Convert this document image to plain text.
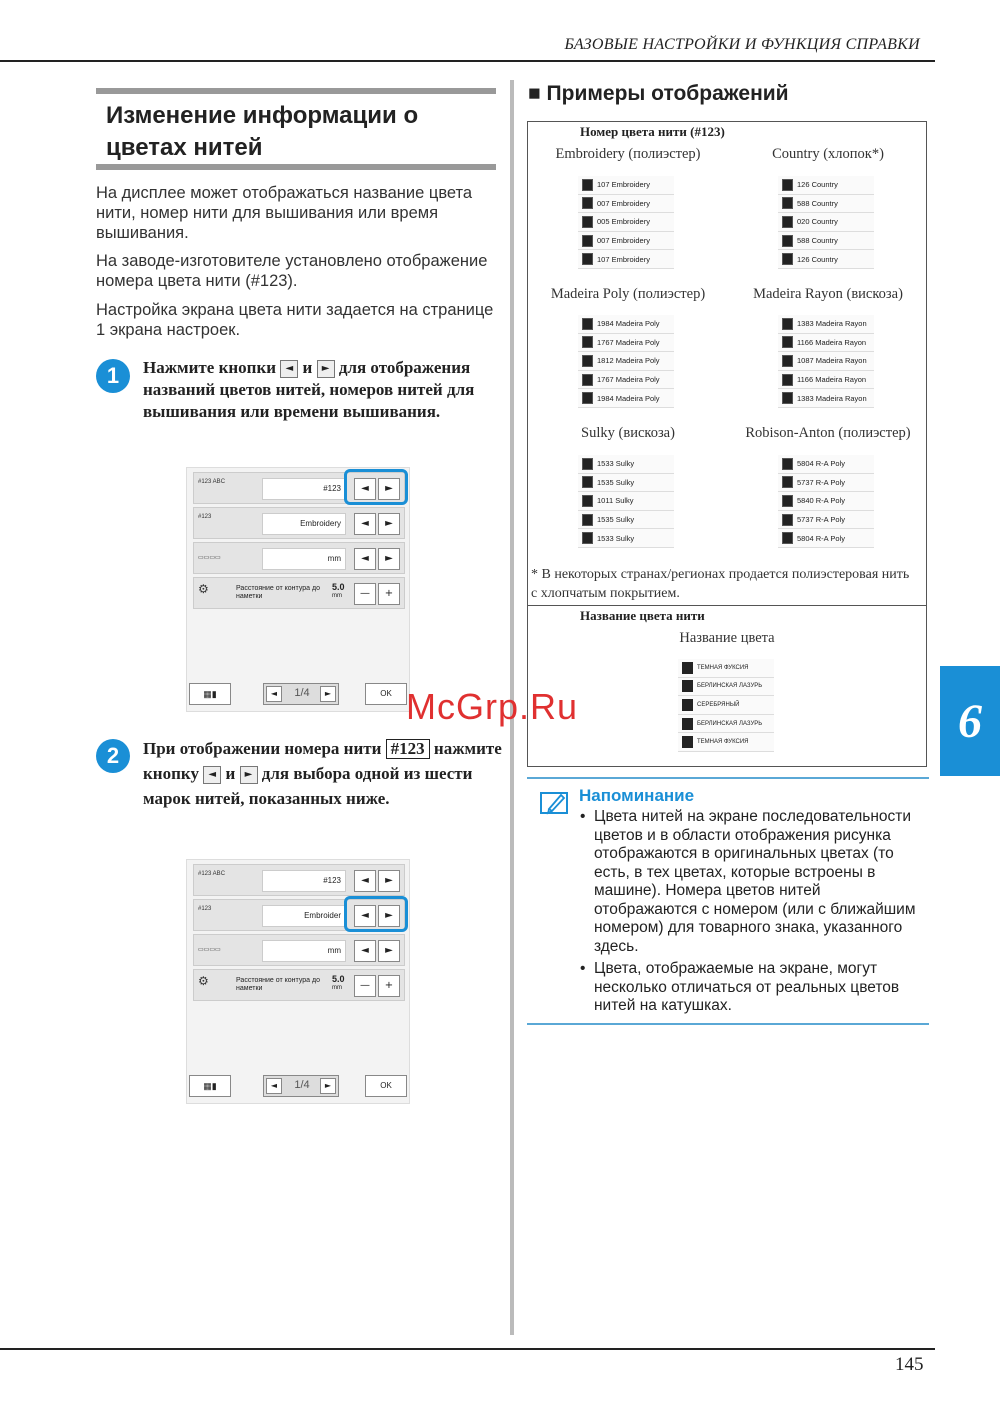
БАЗОВЫЕ НАСТРОЙКИ И ФУНКЦИЯ СПРАВКИ
Изменение информации о цветах нитей
На дисплее может отображаться название цвета нити, номер нити для вышивания или время вышивания.
На заводе-изготовителе установлено отображение номера цвета нити (#123).
Настройка экрана цвета нити задается на странице 1 экрана настроек.
1	Нажмите кнопки ◄ и ► для отображения названий цветов нитей, номеров нитей для вышивания или времени вышивания.
#123 ABC
#123	◄	►
#123
Embroidery	◄	►
▭▭▭▭	mm	◄	►
⚙	Расстояние от контура до наметки
5.0
mm	—	+
▦▮	◄	1/4	►	OK
2	При отображении номера нити #123 нажмите кнопку ◄ и ► для выбора одной из шести марок нитей, показанных ниже.
#123 ABC
#123	◄	►
#123
Embroider	◄	►
▭▭▭▭	mm	◄	►
⚙	Расстояние от контура до наметки
5.0
mm	—	+
▦▮	◄	1/4	►	OK
■ Примеры отображений
Номер цвета нити (#123)
Embroidery (полиэстер)	Country (хлопок*)
107 Embroidery
007 Embroidery
005 Embroidery
007 Embroidery
107 Embroidery
126 Country
588 Country
020 Country
588 Country
126 Country
Madeira Poly (полиэстер)	Madeira Rayon (вискоза)
1984 Madeira Poly
1767 Madeira Poly
1812 Madeira Poly
1767 Madeira Poly
1984 Madeira Poly
1383 Madeira Rayon
1166 Madeira Rayon
1087 Madeira Rayon
1166 Madeira Rayon
1383 Madeira Rayon
Sulky (вискоза)	Robison-Anton (полиэстер)
1533 Sulky
1535 Sulky
1011 Sulky
1535 Sulky
1533 Sulky
5804 R-A Poly
5737 R-A Poly
5840 R-A Poly
5737 R-A Poly
5804 R-A Poly
* В некоторых странах/регионах продается полиэстеровая нить с хлопчатым покрытием.
Название цвета нити
Название цвета
ТЕМНАЯ ФУКСИЯ
БЕРЛИНСКАЯ ЛАЗУРЬ
СЕРЕБРЯНЫЙ
БЕРЛИНСКАЯ ЛАЗУРЬ
ТЕМНАЯ ФУКСИЯ	6
McGrp.Ru
Напоминание
• Цвета нитей на экране последовательности цветов и в области отображения рисунка отображаются в оригинальных цветах (то есть, в тех цветах, которые встроены в машине). Номера цветов нитей отображаются с номером (или с ближайшим номером) для товарного знака, указанного здесь.
• Цвета, отображаемые на экране, могут несколько отличаться от реальных цветов нитей на катушках.
145
